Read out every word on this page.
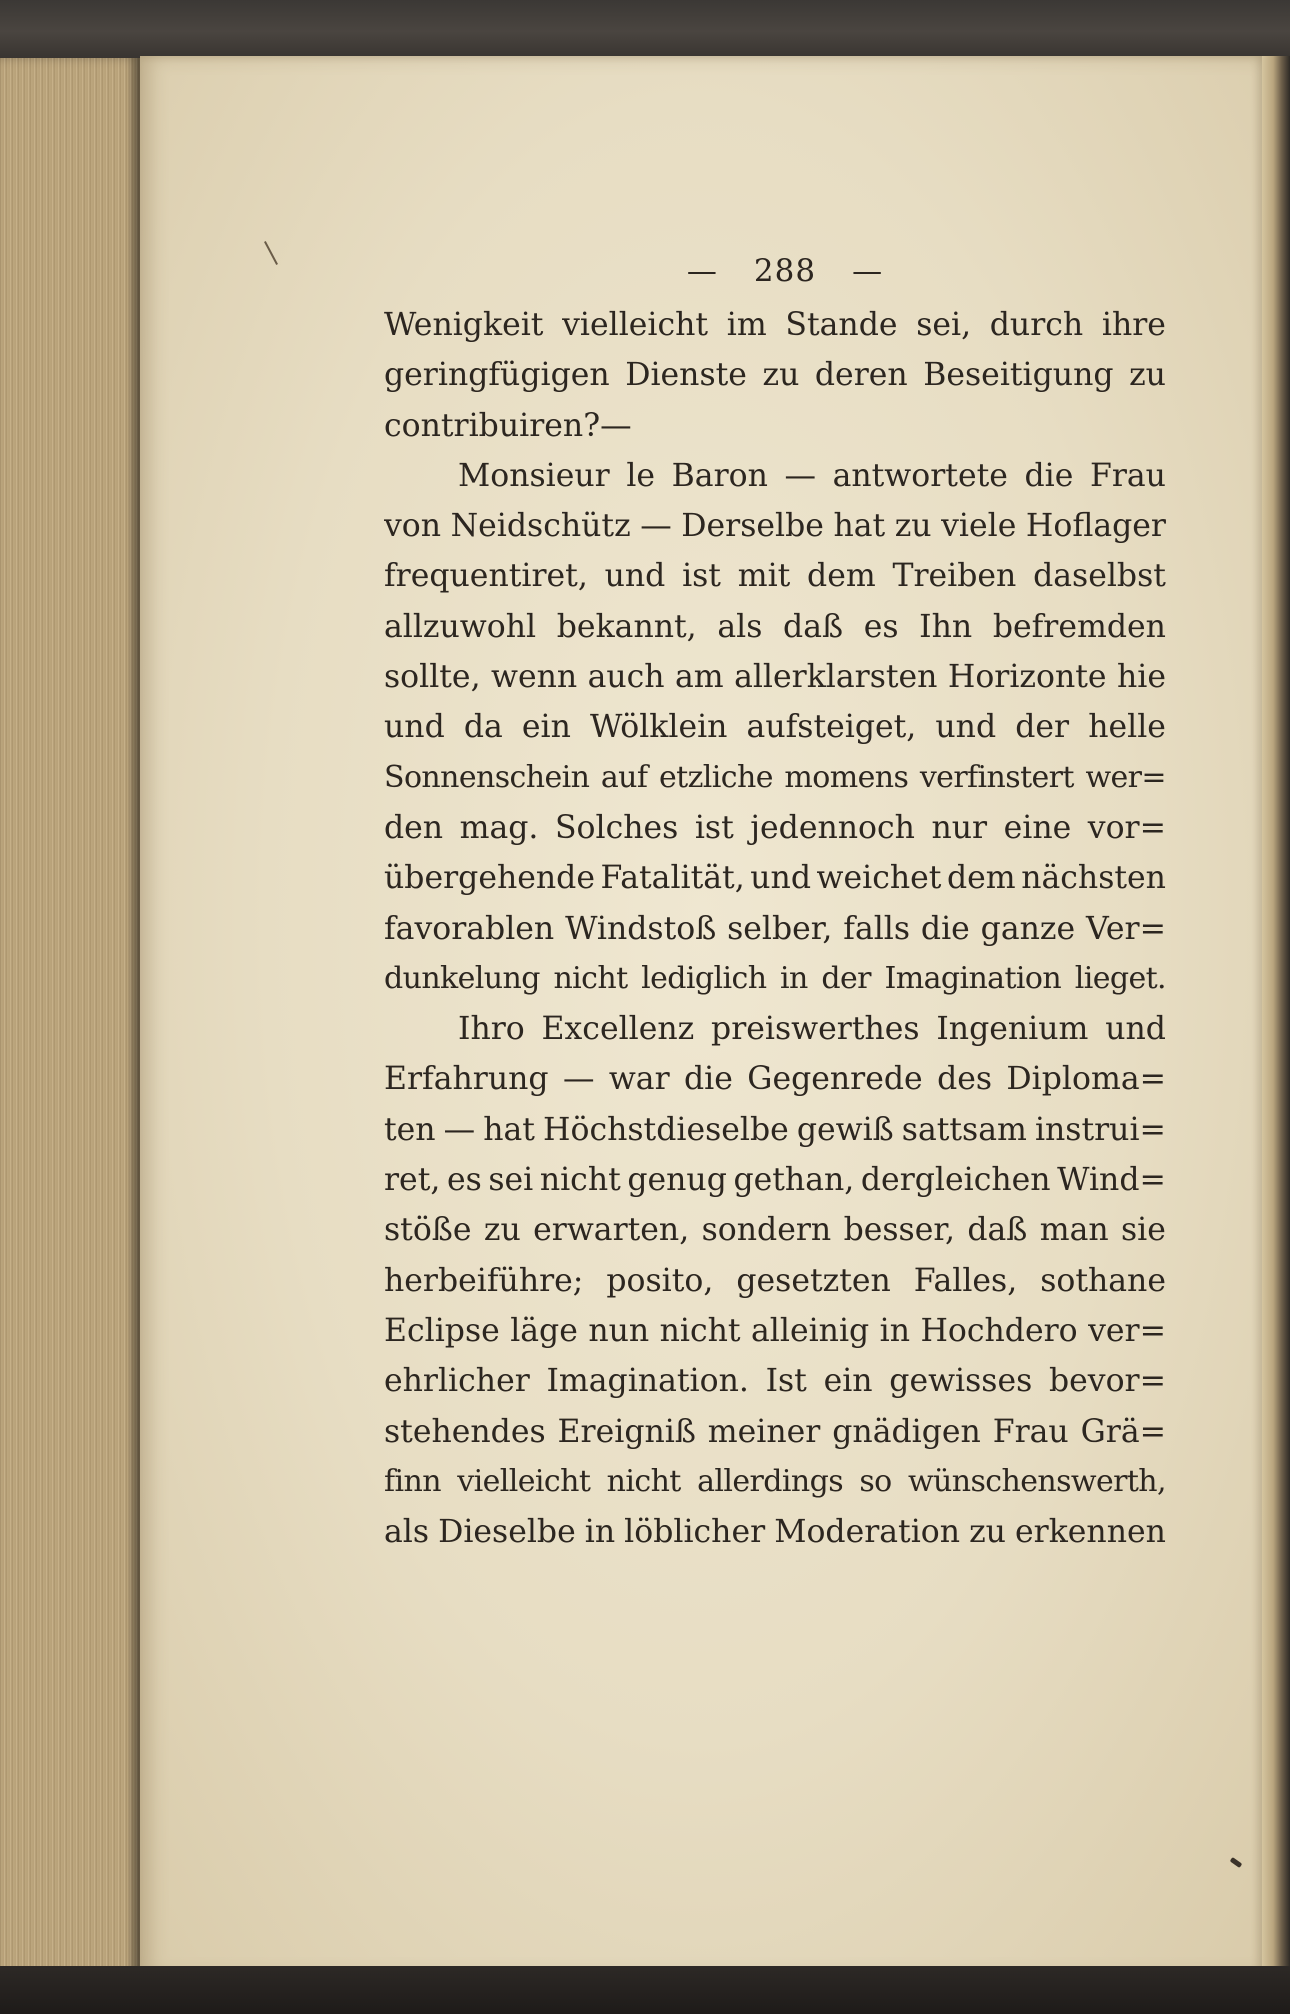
— 288 —
Wenigkeit vielleicht im Stande sei, durch ihre
geringfügigen Dienste zu deren Beseitigung zu
contribuiren? —
Monsieur le Baron — antwortete die Frau
von Neidschütz — Derselbe hat zu viele Hoflager
frequentiret, und ist mit dem Treiben daselbst
allzuwohl bekannt, als daß es Ihn befremden
sollte, wenn auch am allerklarsten Horizonte hie
und da ein Wölklein aufsteiget, und der helle
Sonnenschein auf etzliche momens verfinstert wer=
den mag. Solches ist jedennoch nur eine vor=
übergehende Fatalität, und weichet dem nächsten
favorablen Windstoß selber, falls die ganze Ver=
dunkelung nicht lediglich in der Imagination lieget.
Ihro Excellenz preiswerthes Ingenium und
Erfahrung — war die Gegenrede des Diploma=
ten — hat Höchstdieselbe gewiß sattsam instrui=
ret, es sei nicht genug gethan, dergleichen Wind=
stöße zu erwarten, sondern besser, daß man sie
herbeiführe; posito, gesetzten Falles, sothane
Eclipse läge nun nicht alleinig in Hochdero ver=
ehrlicher Imagination. Ist ein gewisses bevor=
stehendes Ereigniß meiner gnädigen Frau Grä=
finn vielleicht nicht allerdings so wünschenswerth,
als Dieselbe in löblicher Moderation zu erkennen
